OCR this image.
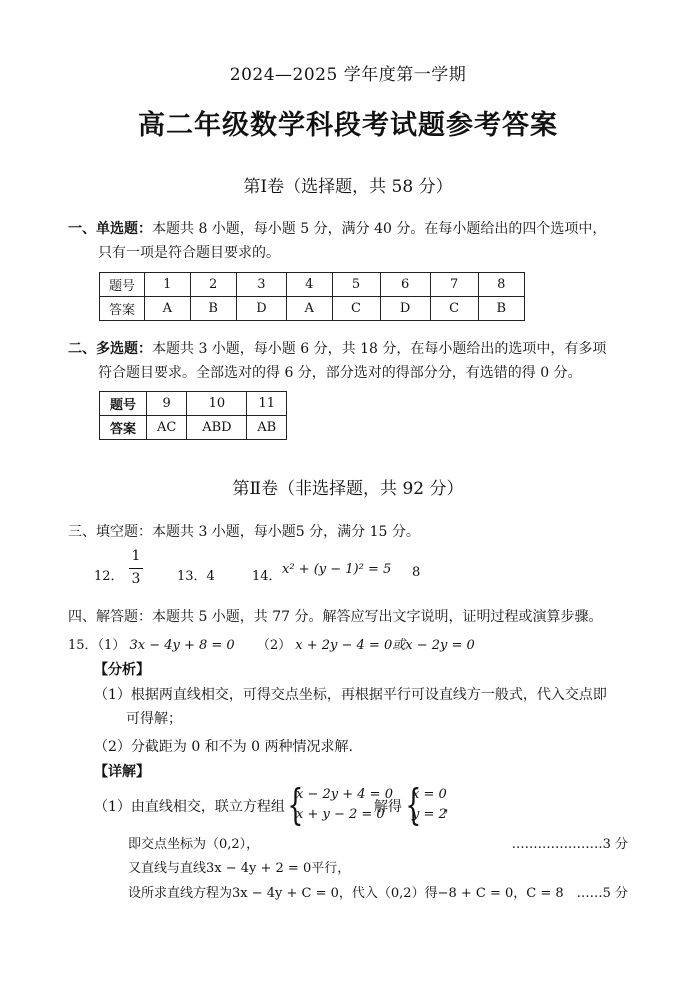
2024—2025 学年度第一学期
高二年级数学科段考试题参考答案
第Ⅰ卷（选择题，共 58 分）
一、单选题：本题共 8 小题，每小题 5 分，满分 40 分。在每小题给出的四个选项中，
只有一项是符合题目要求的。
题号	1	2	3	4	5	6	7	8
答案	A	B	D	A	C	D	C	B
二、多选题：本题共 3 小题，每小题 6 分，共 18 分，在每小题给出的选项中，有多项
符合题目要求。全部选对的得 6 分，部分选对的得部分分，有选错的得 0 分。
题号	9	10	11
答案	AC	ABD	AB
第Ⅱ卷（非选择题，共 92 分）
三、填空题：本题共 3 小题，每小题5 分，满分 15 分。
12．
1
3	13．4	14． x² + (y − 1)² = 5 8
四、解答题：本题共 5 小题，共 77 分。解答应写出文字说明，证明过程或演算步骤。
15．（1） 3x − 4y + 8 = 0 （2） x + 2y − 4 = 0或x − 2y = 0
【分析】
（1）根据两直线相交，可得交点坐标，再根据平行可设直线方一般式，代入交点即
可得解；
（2）分截距为 0 和不为 0 两种情况求解.
【详解】
（1）由直线相交，联立方程组 {
x − 2y + 4 = 0
x + y − 2 = 0
解得 {
x = 0
y = 2
，
即交点坐标为（0,2），	…………………3 分
又直线与直线3x − 4y + 2 = 0平行，
设所求直线方程为3x − 4y + C = 0，代入（0,2）得−8 + C = 0，C = 8 ……5 分
